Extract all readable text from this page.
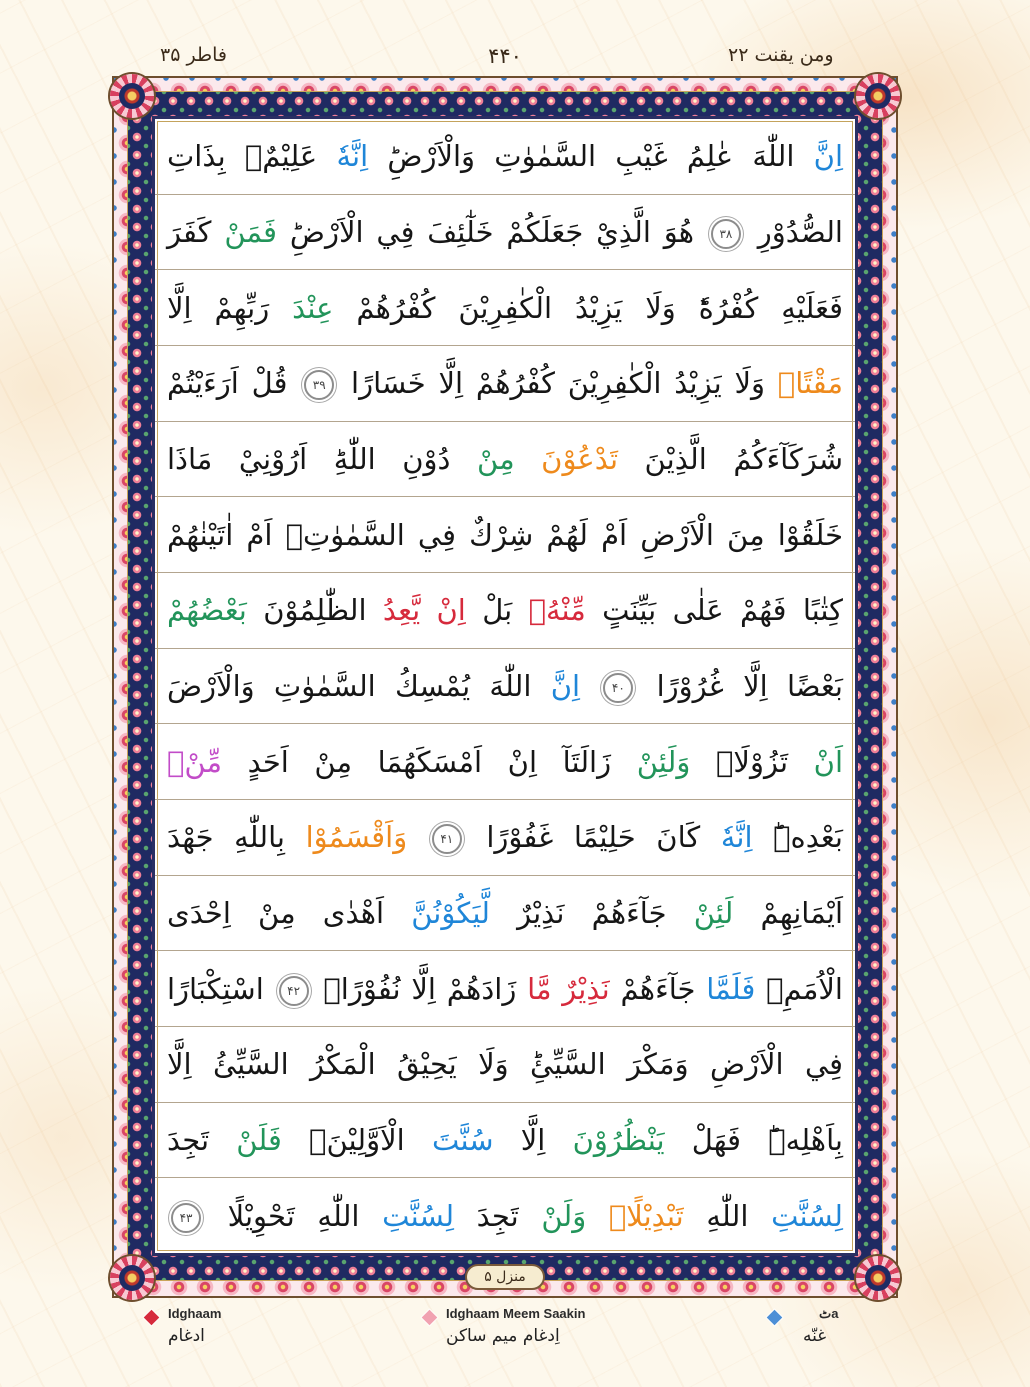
فاطر ۳۵	۴۴۰	ومن يقنت ۲۲
اِنَّ اللّٰهَ عٰلِمُ غَيْبِ السَّمٰوٰتِ وَالْاَرْضِؕ اِنَّهٗ عَلِيْمٌۢ بِذَاتِ
الصُّدُوْرِ ۳۸ هُوَ الَّذِيْ جَعَلَكُمْ خَلٰٓئِفَ فِي الْاَرْضِؕ فَمَنْ كَفَرَ
فَعَلَيْهِ كُفْرُهٗؕ وَلَا يَزِيْدُ الْكٰفِرِيْنَ كُفْرُهُمْ عِنْدَ رَبِّهِمْ اِلَّا
مَقْتًاۚ وَلَا يَزِيْدُ الْكٰفِرِيْنَ كُفْرُهُمْ اِلَّا خَسَارًا ۳۹ قُلْ اَرَءَيْتُمْ
شُرَكَآءَكُمُ الَّذِيْنَ تَدْعُوْنَ مِنْ دُوْنِ اللّٰهِؕ اَرُوْنِيْ مَاذَا
خَلَقُوْا مِنَ الْاَرْضِ اَمْ لَهُمْ شِرْكٌ فِي السَّمٰوٰتِۚ اَمْ اٰتَيْنٰهُمْ
كِتٰبًا فَهُمْ عَلٰى بَيِّنَتٍ مِّنْهُۚ بَلْ اِنْ يَّعِدُ الظّٰلِمُوْنَ بَعْضُهُمْ
بَعْضًا اِلَّا غُرُوْرًا ۴۰ اِنَّ اللّٰهَ يُمْسِكُ السَّمٰوٰتِ وَالْاَرْضَ
اَنْ تَزُوْلَاۚ وَلَئِنْ زَالَتَآ اِنْ اَمْسَكَهُمَا مِنْ اَحَدٍ مِّنْۢ
بَعْدِهٖؕ اِنَّهٗ كَانَ حَلِيْمًا غَفُوْرًا ۴۱ وَاَقْسَمُوْا بِاللّٰهِ جَهْدَ
اَيْمَانِهِمْ لَئِنْ جَآءَهُمْ نَذِيْرٌ لَّيَكُوْنُنَّ اَهْدٰى مِنْ اِحْدَى
الْاُمَمِۚ فَلَمَّا جَآءَهُمْ نَذِيْرٌ مَّا زَادَهُمْ اِلَّا نُفُوْرًاۙ ۴۲ اسْتِكْبَارًا
فِي الْاَرْضِ وَمَكْرَ السَّيِّئِؕ وَلَا يَحِيْقُ الْمَكْرُ السَّيِّئُ اِلَّا
بِاَهْلِهٖؕ فَهَلْ يَنْظُرُوْنَ اِلَّا سُنَّتَ الْاَوَّلِيْنَۚ فَلَنْ تَجِدَ
لِسُنَّتِ اللّٰهِ تَبْدِيْلًاۚ وَلَنْ تَجِدَ لِسُنَّتِ اللّٰهِ تَحْوِيْلًا ۴۳
منزل ۵
Idghaam
ادغام
Idghaam Meem Saakin
اِدغام ميم ساكن
ٹa
غنّه
